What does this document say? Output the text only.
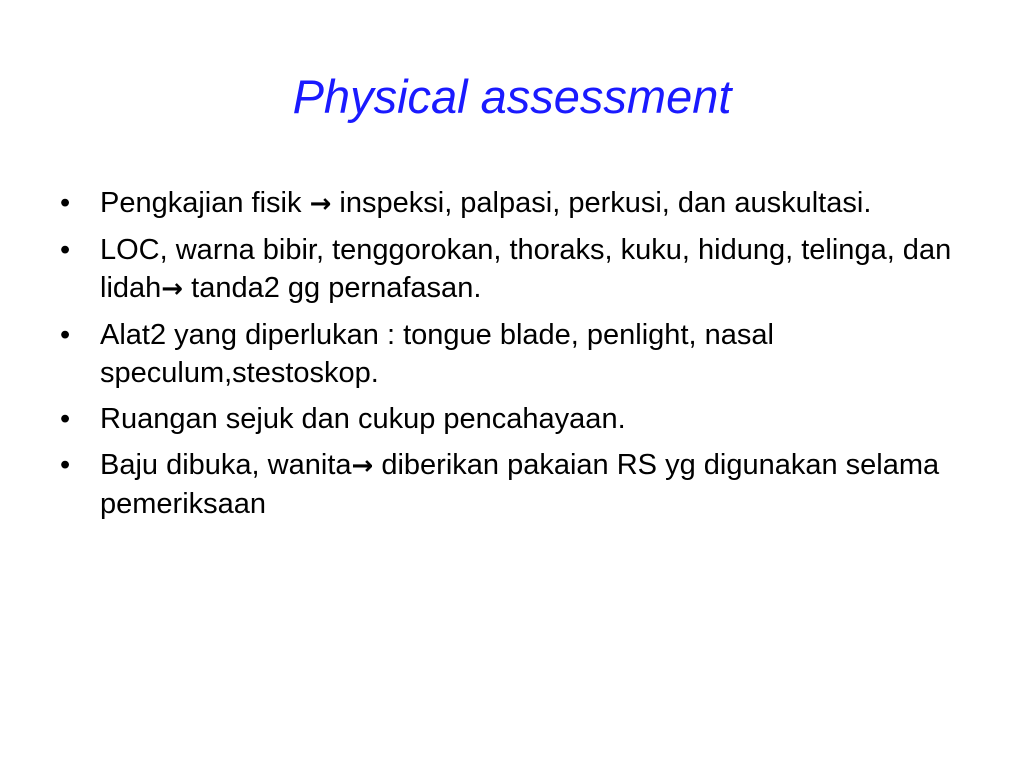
Physical assessment
•	Pengkajian fisik → inspeksi, palpasi, perkusi, dan auskultasi.
•	LOC, warna bibir, tenggorokan, thoraks, kuku, hidung, telinga, dan lidah→ tanda2 gg pernafasan.
•	Alat2 yang diperlukan : tongue blade, penlight, nasal speculum,stestoskop.
•	Ruangan sejuk dan cukup pencahayaan.
•	Baju dibuka, wanita→ diberikan pakaian RS yg digunakan selama pemeriksaan
